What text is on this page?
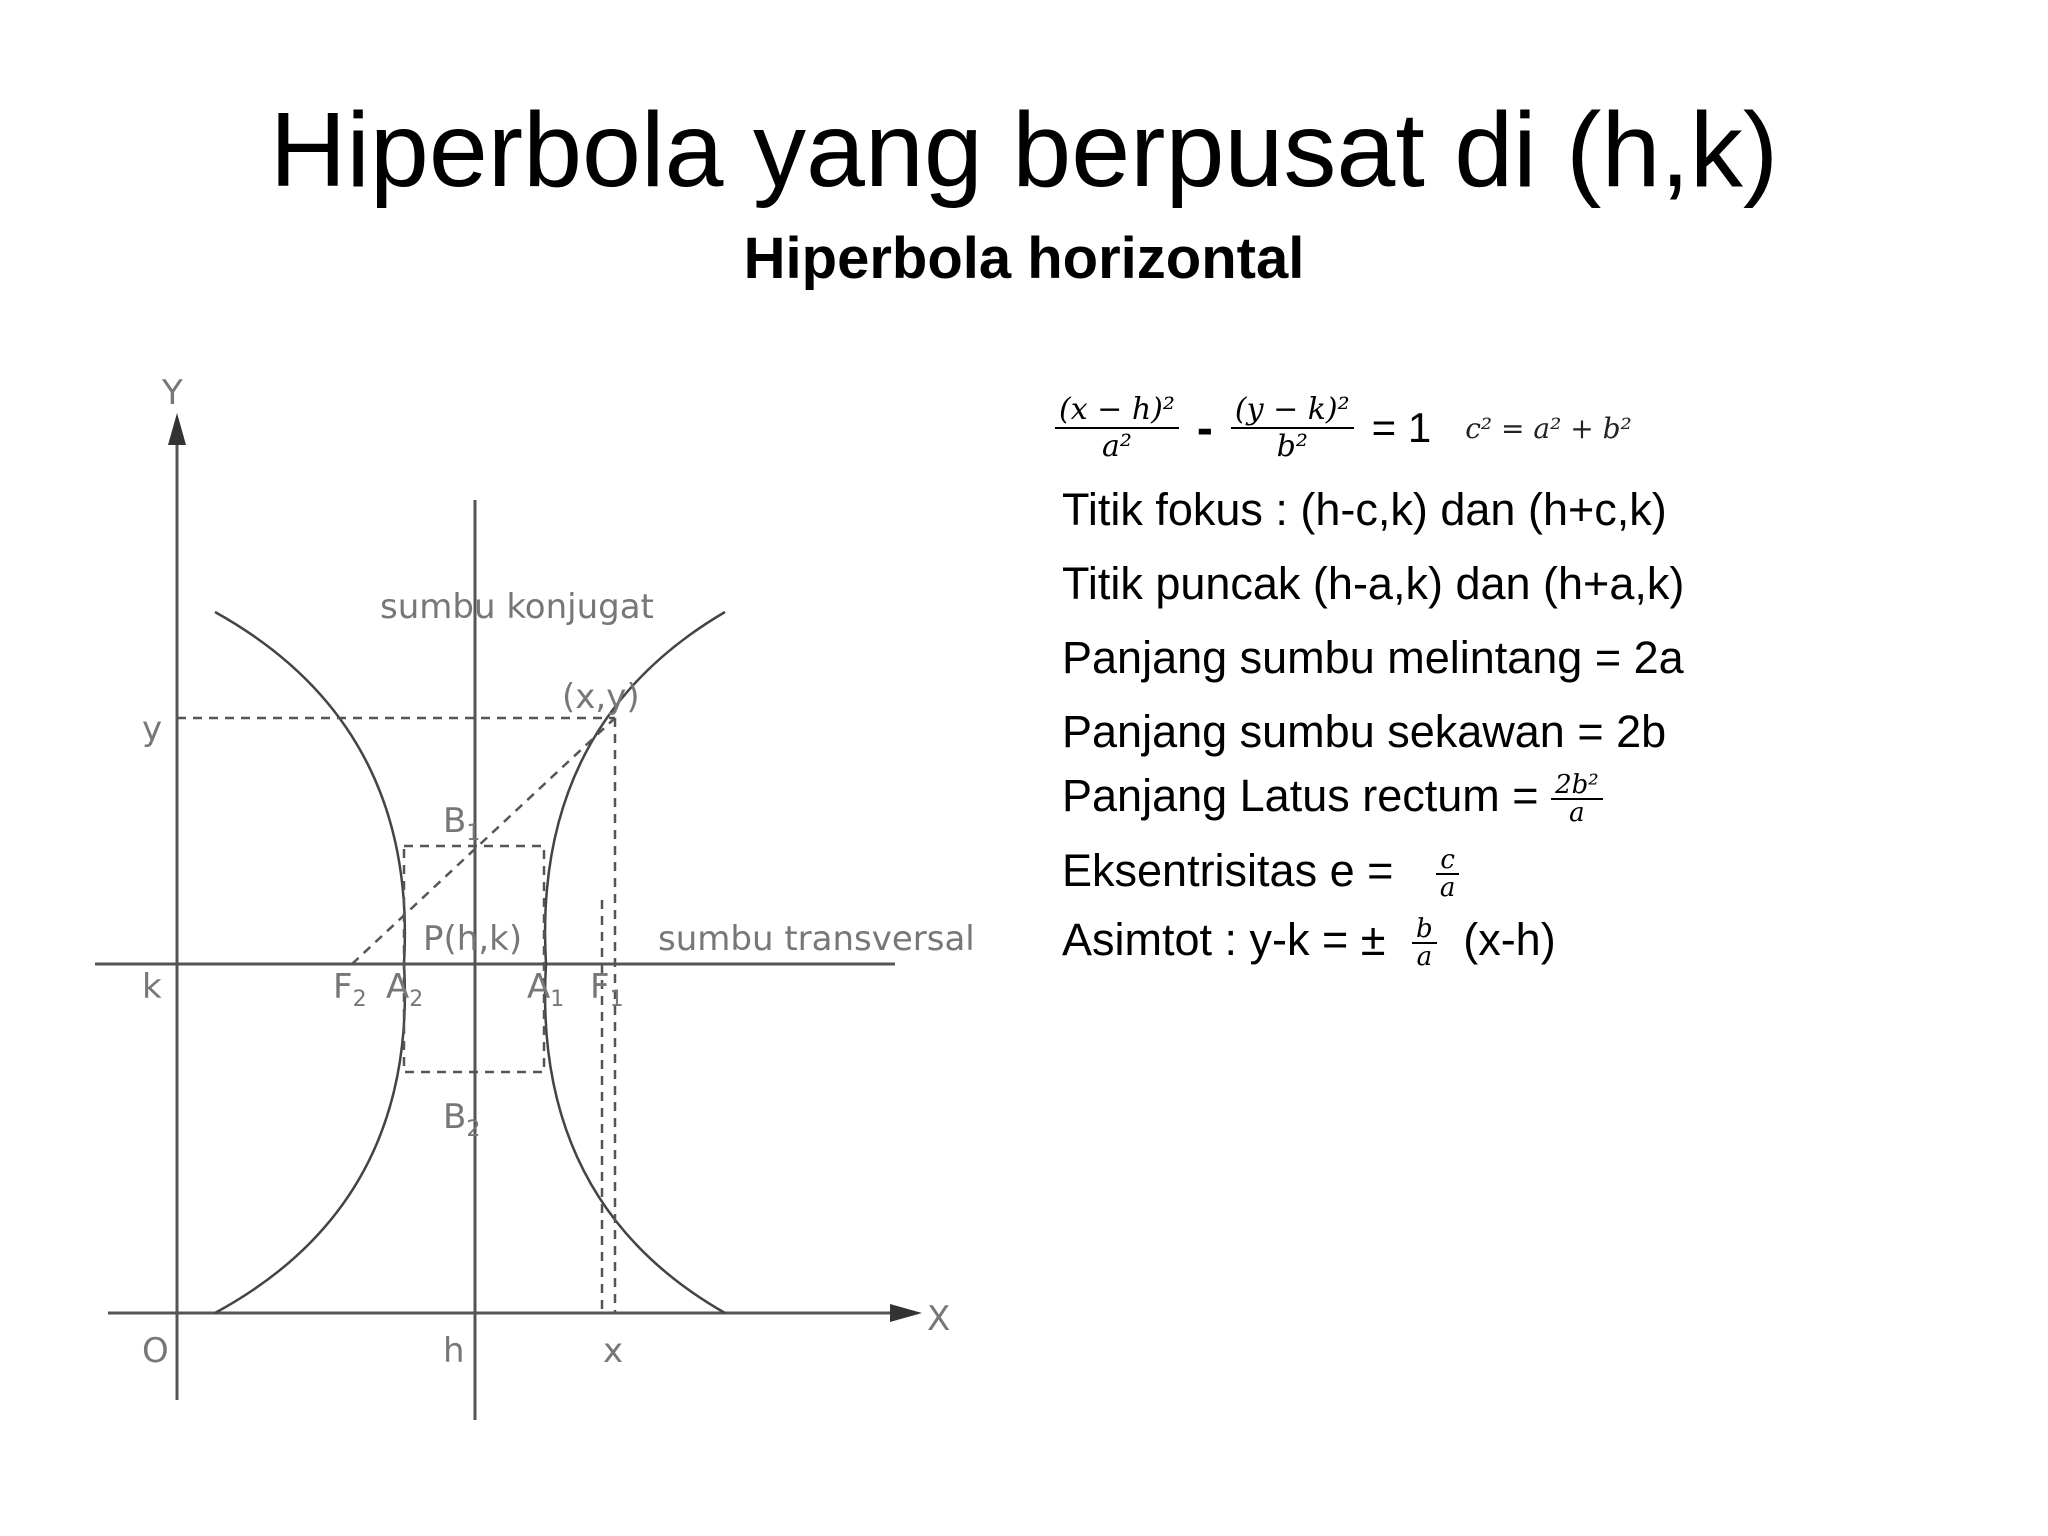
Hiperbola yang berpusat di (h,k)
Hiperbola horizontal
Y
X
O
y
k
h	x
sumbu konjugat
sumbu transversal
(x,y)
P(h,k)
$B_1$
$B_2$
$F_2$ $A_2$	$A_1$ $F_1$
$\frac{\text{(x − h)²}}{\text{a²}} - \frac{\text{(y − k)²}}{\text{b²}} = 1$ c² = a² + b²
Titik fokus : (h-c,k) dan (h+c,k)
Titik puncak (h-a,k) dan (h+a,k)
Panjang sumbu melintang = 2a
Panjang sumbu sekawan = 2b
Panjang Latus rectum = $\frac{\text{2b²}}{a}$
Eksentrisitas $e = \frac{c}{a}$
Asimtot : y-k = ± $\frac{b}{a} (x-h)$
